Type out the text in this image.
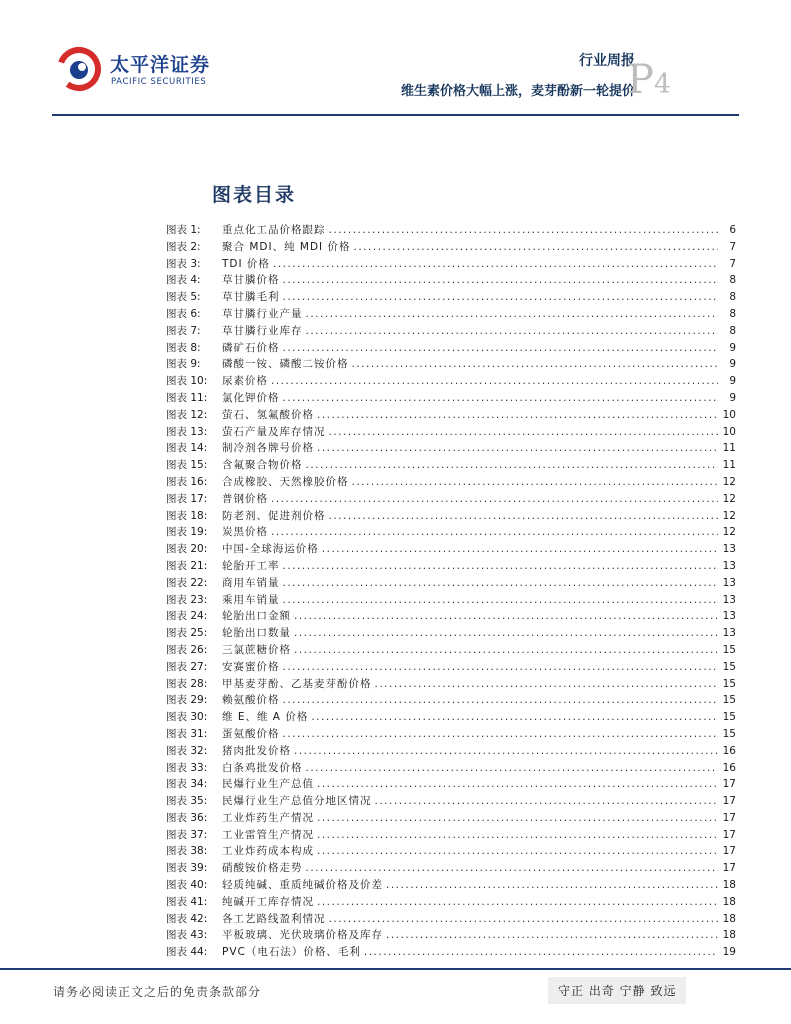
太平洋证券
PACIFIC SECURITIES
行业周报
维生素价格大幅上涨，麦芽酚新一轮提价
P4
图表目录
图表 1:	重点化工品价格跟踪 .....	6
图表 2:	聚合 MDI、纯 MDI 价格 .....	7
图表 3:	TDI 价格 .....	7
图表 4:	草甘膦价格 .....	8
图表 5:	草甘膦毛利 .....	8
图表 6:	草甘膦行业产量 .....	8
图表 7:	草甘膦行业库存 .....	8
图表 8:	磷矿石价格 .....	9
图表 9:	磷酸一铵、磷酸二铵价格 .....	9
图表 10:	尿素价格 .....	9
图表 11:	氯化钾价格 .....	9
图表 12:	萤石、氢氟酸价格 .....	10
图表 13:	萤石产量及库存情况 .....	10
图表 14:	制冷剂各牌号价格 .....	11
图表 15:	含氟聚合物价格 .....	11
图表 16:	合成橡胶、天然橡胶价格 .....	12
图表 17:	普钢价格 .....	12
图表 18:	防老剂、促进剂价格 .....	12
图表 19:	炭黑价格 .....	12
图表 20:	中国-全球海运价格 .....	13
图表 21:	轮胎开工率 .....	13
图表 22:	商用车销量 .....	13
图表 23:	乘用车销量 .....	13
图表 24:	轮胎出口金额 .....	13
图表 25:	轮胎出口数量 .....	13
图表 26:	三氯蔗糖价格 .....	15
图表 27:	安赛蜜价格 .....	15
图表 28:	甲基麦芽酚、乙基麦芽酚价格 .....	15
图表 29:	赖氨酸价格 .....	15
图表 30:	维 E、维 A 价格 .....	15
图表 31:	蛋氨酸价格 .....	15
图表 32:	猪肉批发价格 .....	16
图表 33:	白条鸡批发价格 .....	16
图表 34:	民爆行业生产总值 .....	17
图表 35:	民爆行业生产总值分地区情况 .....	17
图表 36:	工业炸药生产情况 .....	17
图表 37:	工业雷管生产情况 .....	17
图表 38:	工业炸药成本构成 .....	17
图表 39:	硝酸铵价格走势 .....	17
图表 40:	轻质纯碱、重质纯碱价格及价差 .....	18
图表 41:	纯碱开工库存情况 .....	18
图表 42:	各工艺路线盈利情况 .....	18
图表 43:	平板玻璃、光伏玻璃价格及库存 .....	18
图表 44:	PVC（电石法）价格、毛利 .....	19
请务必阅读正文之后的免责条款部分	守正 出奇 宁静 致远
